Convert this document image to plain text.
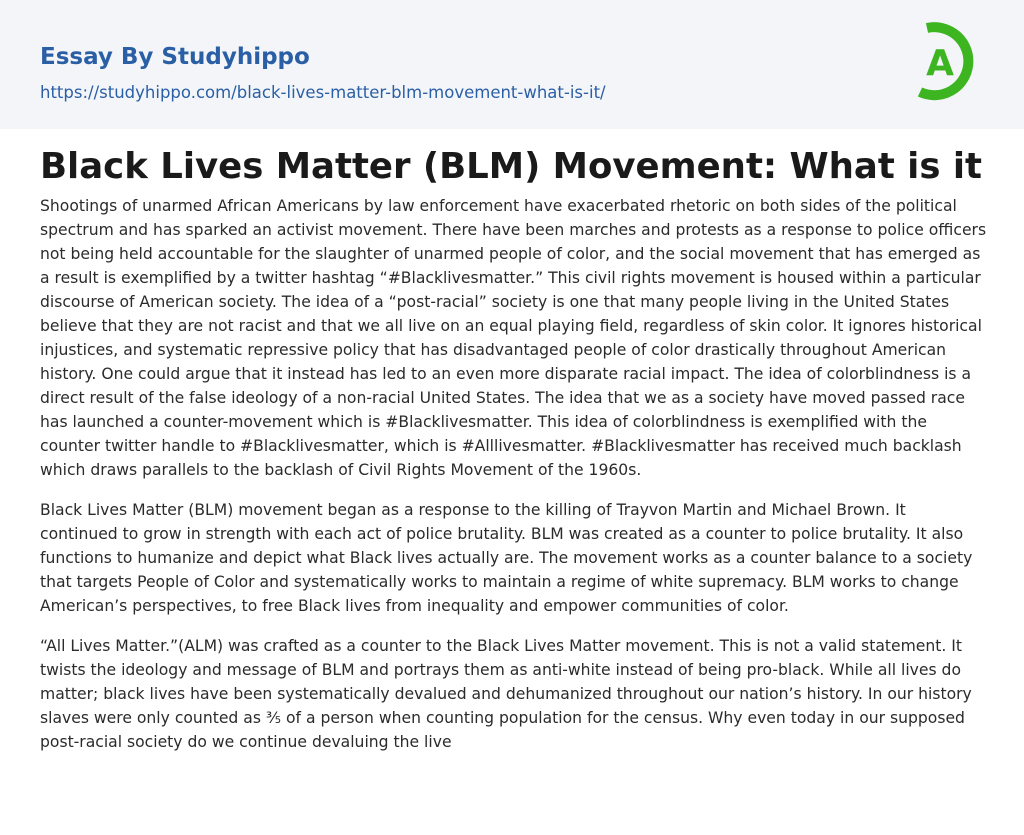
Essay By Studyhippo
https://studyhippo.com/black-lives-matter-blm-movement-what-is-it/
A
Black Lives Matter (BLM) Movement: What is it

Shootings of unarmed African Americans by law enforcement have exacerbated rhetoric on both sides of the political spectrum and has sparked an activist movement. There have been marches and protests as a response to police officers not being held accountable for the slaughter of unarmed people of color, and the social movement that has emerged as a result is exemplified by a twitter hashtag “#Blacklivesmatter.” This civil rights movement is housed within a particular discourse of American society. The idea of a “post-racial” society is one that many people living in the United States believe that they are not racist and that we all live on an equal playing field, regardless of skin color. It ignores historical injustices, and systematic repressive policy that has disadvantaged people of color drastically throughout American history. One could argue that it instead has led to an even more disparate racial impact. The idea of colorblindness is a direct result of the false ideology of a non-racial United States. The idea that we as a society have moved passed race has launched a counter-movement which is #Blacklivesmatter. This idea of colorblindness is exemplified with the counter twitter handle to #Blacklivesmatter, which is #Alllivesmatter. #Blacklivesmatter has received much backlash which draws parallels to the backlash of Civil Rights Movement of the 1960s.

Black Lives Matter (BLM) movement began as a response to the killing of Trayvon Martin and Michael Brown. It continued to grow in strength with each act of police brutality. BLM was created as a counter to police brutality. It also functions to humanize and depict what Black lives actually are. The movement works as a counter balance to a society that targets People of Color and systematically works to maintain a regime of white supremacy. BLM works to change American’s perspectives, to free Black lives from inequality and empower communities of color.

“All Lives Matter.”(ALM) was crafted as a counter to the Black Lives Matter movement. This is not a valid statement. It twists the ideology and message of BLM and portrays them as anti-white instead of being pro-black. While all lives do matter; black lives have been systematically devalued and dehumanized throughout our nation’s history. In our history slaves were only counted as ⅗ of a person when counting population for the census. Why even today in our supposed post-racial society do we continue devaluing the live
